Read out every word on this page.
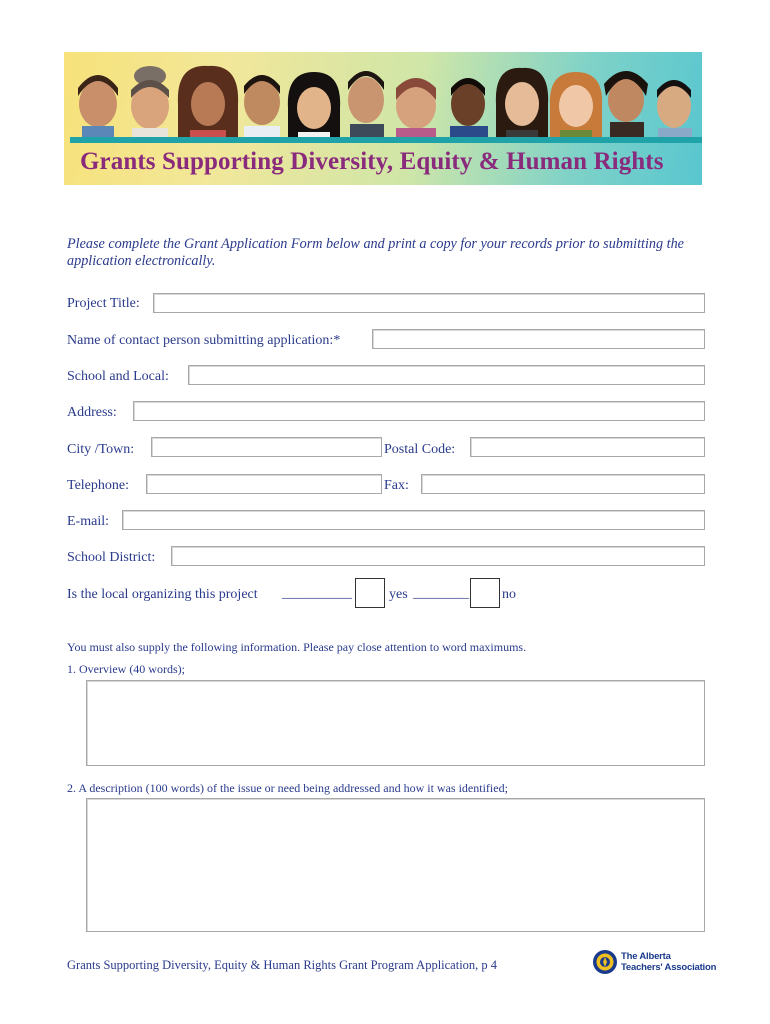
Grants Supporting Diversity, Equity & Human Rights
Please complete the Grant Application Form below and print a copy for your records prior to submitting the application electronically.
Project Title:
Name of contact person submitting application:*
School and Local:
Address:
City /Town:	Postal Code:
Telephone:	Fax:
E-mail:
School District:
Is the local organizing this project __________	yes ________ no
You must also supply the following information. Please pay close attention to word maximums.
1. Overview (40 words);
2. A description (100 words) of the issue or need being addressed and how it was identified;
Grants Supporting Diversity, Equity & Human Rights Grant Program Application, p 4
The Alberta
Teachers' Association
